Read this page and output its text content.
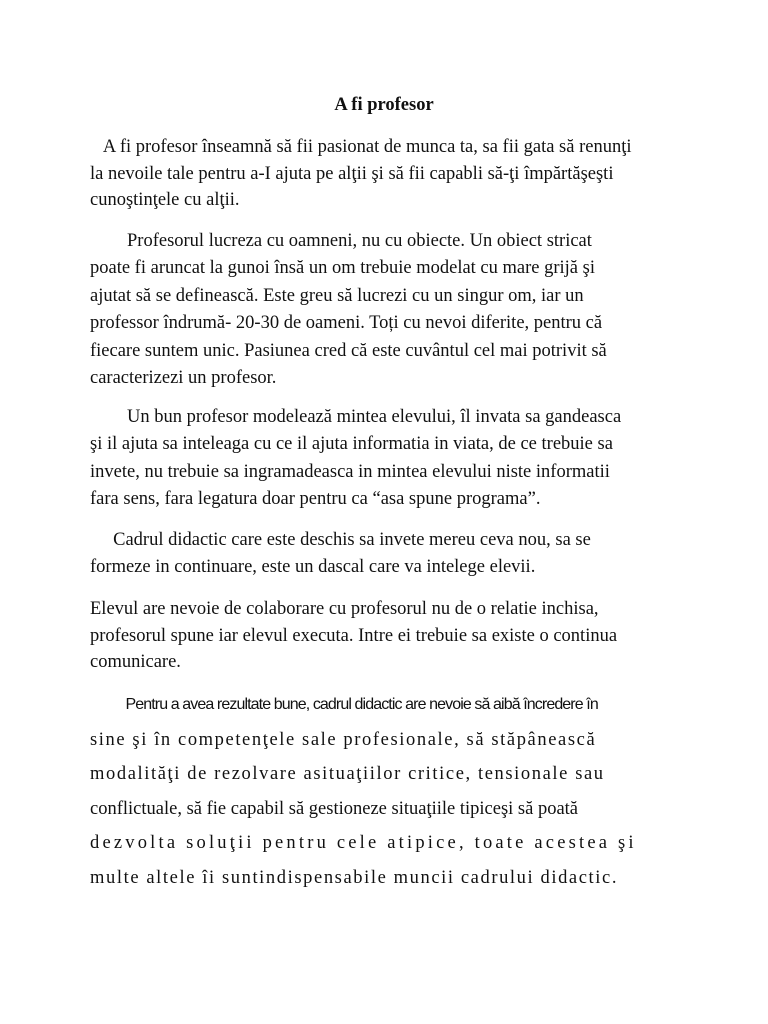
A fi profesor
A fi profesor înseamnă să fii pasionat de munca ta, sa fii gata să renunţi
la nevoile tale pentru a-I ajuta pe alţii şi să fii capabli să-ţi împărtăşeşti
cunoştinţele cu alţii.
Profesorul lucreza cu oamneni, nu cu obiecte. Un obiect stricat
poate fi aruncat la gunoi însă un om trebuie modelat cu mare grijă şi
ajutat să se definească. Este greu să lucrezi cu un singur om, iar un
professor îndrumă- 20-30 de oameni. Toți cu nevoi diferite, pentru că
fiecare suntem unic. Pasiunea cred că este cuvântul cel mai potrivit să
caracterizezi un profesor.
Un bun profesor modelează mintea elevului, îl invata sa gandeasca
şi il ajuta sa inteleaga cu ce il ajuta informatia in viata, de ce trebuie sa
invete, nu trebuie sa ingramadeasca in mintea elevului niste informatii
fara sens, fara legatura doar pentru ca “asa spune programa”.
Cadrul didactic care este deschis sa invete mereu ceva nou, sa se
formeze in continuare, este un dascal care va intelege elevii.
Elevul are nevoie de colaborare cu profesorul nu de o relatie inchisa,
profesorul spune iar elevul executa. Intre ei trebuie sa existe o continua
comunicare.
Pentru a avea rezultate bune, cadrul didactic are nevoie să aibă încredere în
sine şi în competenţele sale profesionale, să stăpânească
modalităţi de rezolvare asituaţiilor critice, tensionale sau
conflictuale, să fie capabil să gestioneze situaţiile tipiceşi să poată
dezvolta soluţii pentru cele atipice, toate acestea şi
multe altele îi suntindispensabile muncii cadrului didactic.
